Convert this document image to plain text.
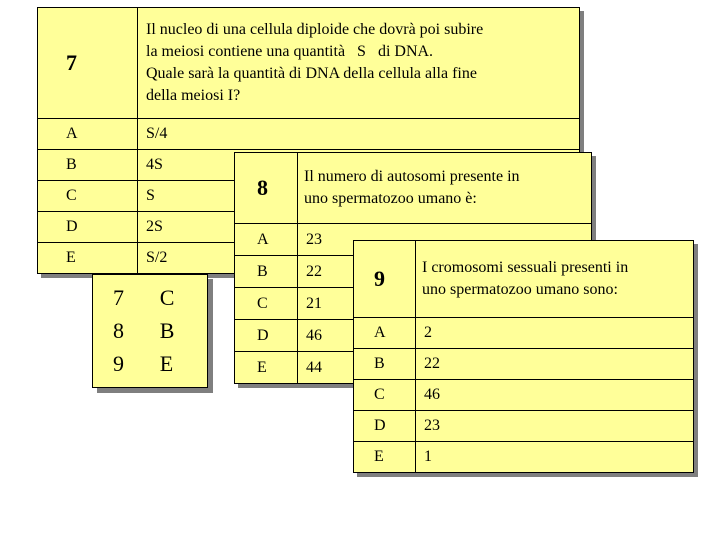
7	Il nucleo di una cellula diploide che dovrà poi subire
la meiosi contiene una quantità   S   di DNA.
Quale sarà la quantità di DNA della cellula alla fine
della meiosi I?

A	S/4
B	4S
C	S
D	2S
E	S/2
7	C
8	B
9	E
8	Il numero di autosomi presente in
uno spermatozoo umano è:

A	23
B	22
C	21
D	46
E	44
9	I cromosomi sessuali presenti in
uno spermatozoo umano sono:

A	2
B	22
C	46
D	23
E	1
